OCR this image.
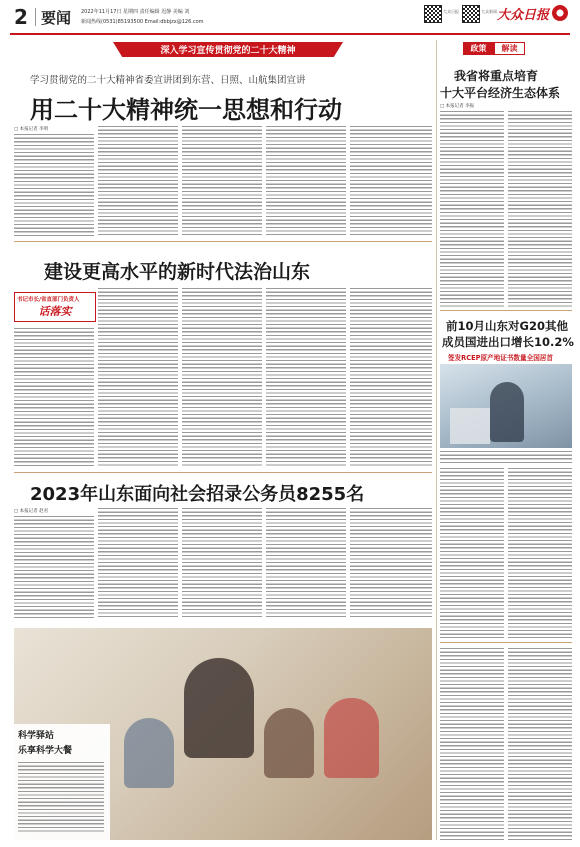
2 要闻 2022年11月17日 星期四 责任编辑 迟静 美编 刘
新闻热线(0531)85193500 Email:dbbjzx@126.com
大众日报	大众新闻 大众日报
深入学习宣传贯彻党的二十大精神
学习贯彻党的二十大精神省委宣讲团到东营、日照、山航集团宣讲
用二十大精神统一思想和行动
□ 本报记者 李明
建设更高水平的新时代法治山东
书记市长/省直部门负责人
话落实
2023年山东面向社会招录公务员8255名
□ 本报记者 赵君
科学驿站
乐享科学大餐
政策	解读
我省将重点培育
十大平台经济生态体系
□ 本报记者 李振
前10月山东对G20其他
成员国进出口增长10.2%
签发RCEP原产地证书数量全国居首
